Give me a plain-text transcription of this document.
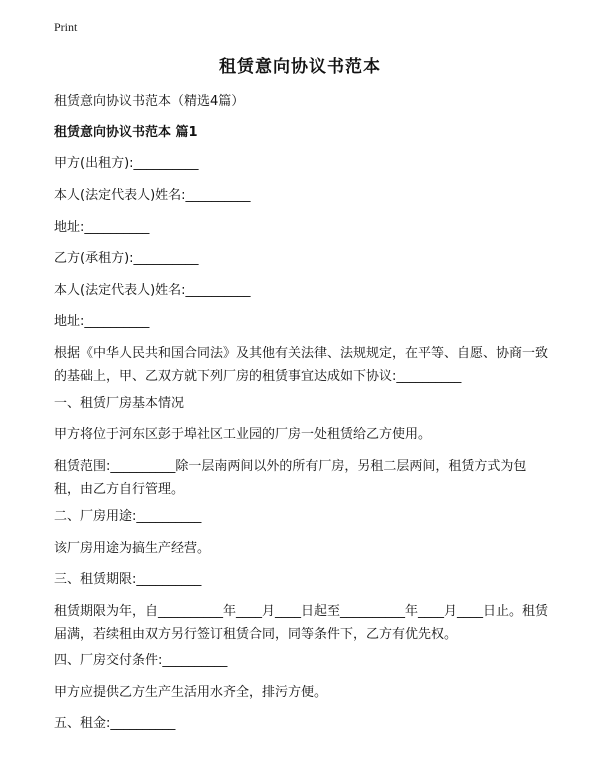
Print
租赁意向协议书范本
租赁意向协议书范本（精选4篇）
租赁意向协议书范本 篇1
甲方(出租方):__________
本人(法定代表人)姓名:__________
地址:__________
乙方(承租方):__________
本人(法定代表人)姓名:__________
地址:__________
根据《中华人民共和国合同法》及其他有关法律、法规规定，在平等、自愿、协商一致的基础上，甲、乙双方就下列厂房的租赁事宜达成如下协议:__________
一、租赁厂房基本情况
甲方将位于河东区彭于埠社区工业园的厂房一处租赁给乙方使用。
租赁范围:__________除一层南两间以外的所有厂房，另租二层两间，租赁方式为包租，由乙方自行管理。
二、厂房用途:__________
该厂房用途为搞生产经营。
三、租赁期限:__________
租赁期限为年，自__________年____月____日起至__________年____月____日止。租赁届满，若续租由双方另行签订租赁合同，同等条件下，乙方有优先权。
四、厂房交付条件:__________
甲方应提供乙方生产生活用水齐全，排污方便。
五、租金:__________
